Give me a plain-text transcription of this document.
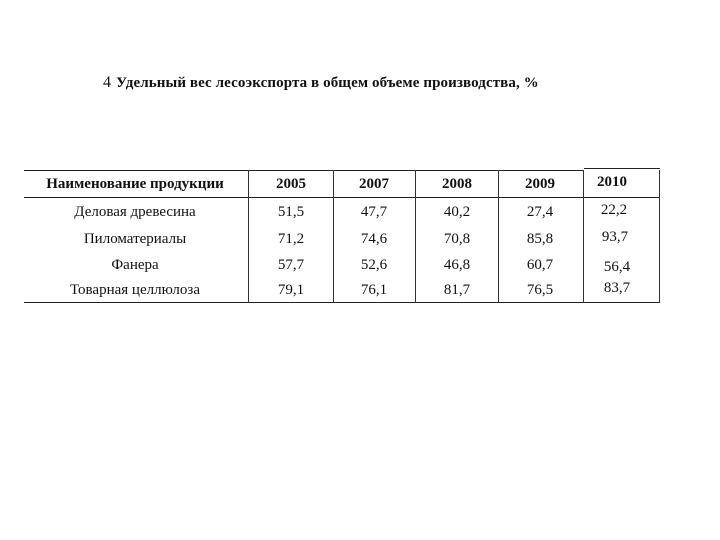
4 Удельный вес лесоэкспорта в общем объеме производства, %
Наименование продукции	2005	2007	2008	2009	2010
Деловая древесина	51,5	47,7	40,2	27,4	22,2
Пиломатериалы	71,2	74,6	70,8	85,8	93,7
Фанера	57,7	52,6	46,8	60,7	56,4
Товарная целлюлоза	79,1	76,1	81,7	76,5	83,7
